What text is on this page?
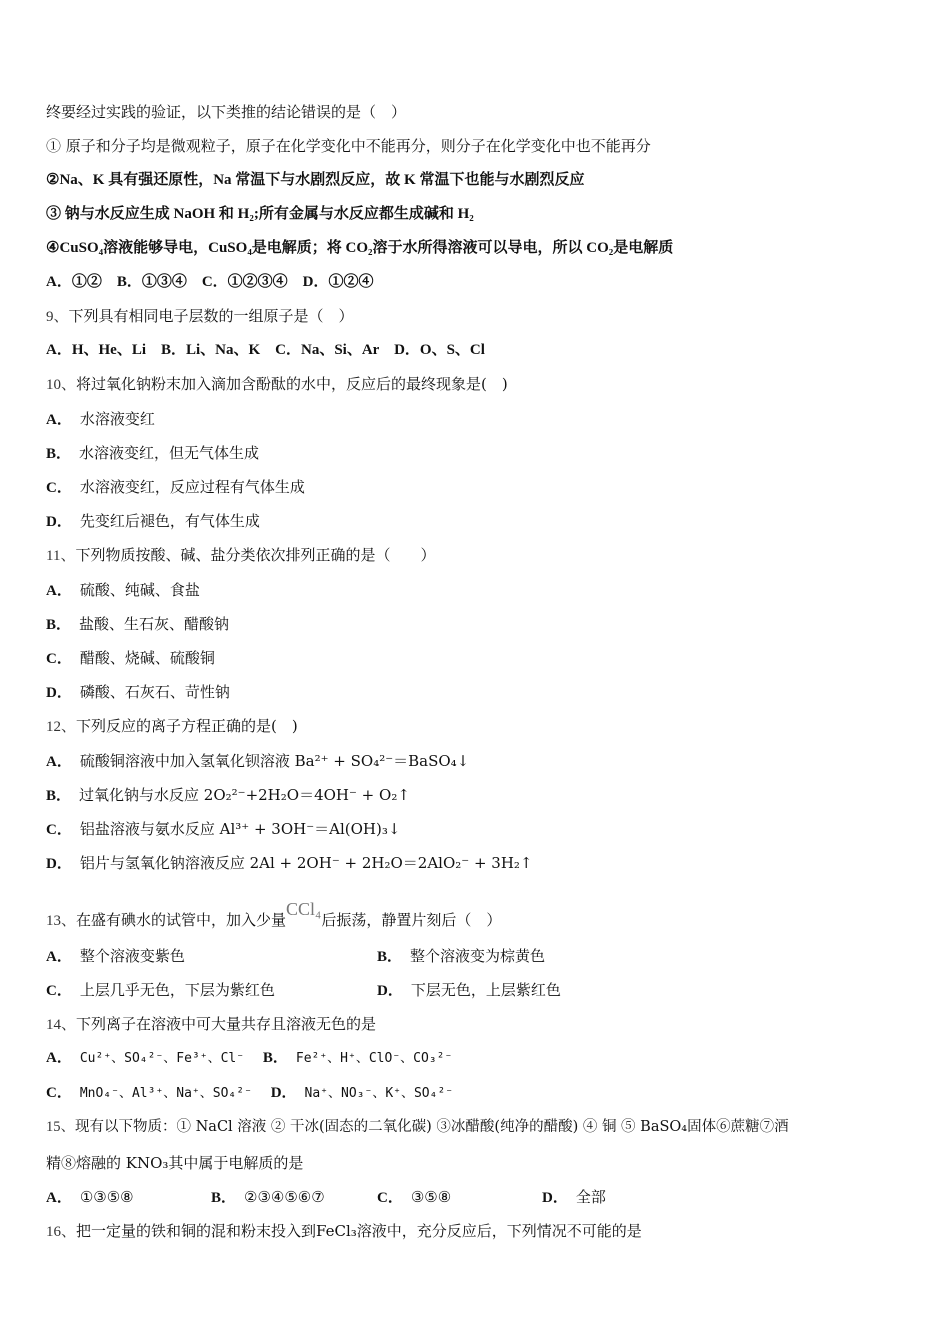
终要经过实践的验证，以下类推的结论错误的是（　）
① 原子和分子均是微观粒子，原子在化学变化中不能再分，则分子在化学变化中也不能再分
②Na、K 具有强还原性，Na 常温下与水剧烈反应，故 K 常温下也能与水剧烈反应
③ 钠与水反应生成 NaOH 和 H₂;所有金属与水反应都生成碱和 H₂
④CuSO₄溶液能够导电，CuSO₄是电解质；将 CO₂溶于水所得溶液可以导电，所以 CO₂是电解质
A．①②　B．①③④　C．①②③④　D．①②④
9、下列具有相同电子层数的一组原子是（　）
A．H、He、Li　B．Li、Na、K　C．Na、Si、Ar　D．O、S、Cl
10、将过氧化钠粉末加入滴加含酚酞的水中，反应后的最终现象是(　)
A． 水溶液变红
B． 水溶液变红，但无气体生成
C． 水溶液变红，反应过程有气体生成
D． 先变红后褪色，有气体生成
11、下列物质按酸、碱、盐分类依次排列正确的是（　　）
A． 硫酸、纯碱、食盐
B． 盐酸、生石灰、醋酸钠
C． 醋酸、烧碱、硫酸铜
D． 磷酸、石灰石、苛性钠
12、下列反应的离子方程正确的是(　)
A． 硫酸铜溶液中加入氢氧化钡溶液 Ba²⁺ + SO₄²⁻＝BaSO₄↓
B． 过氧化钠与水反应 2O₂²⁻+2H₂O＝4OH⁻ + O₂↑
C． 铝盐溶液与氨水反应 Al³⁺ + 3OH⁻＝Al(OH)₃↓
D． 铝片与氢氧化钠溶液反应 2Al + 2OH⁻ + 2H₂O＝2AlO₂⁻ + 3H₂↑
13、在盛有碘水的试管中，加入少量CCl₄后振荡，静置片刻后（　）
A． 整个溶液变紫色	B． 整个溶液变为棕黄色
C． 上层几乎无色，下层为紫红色	D． 下层无色，上层紫红色
14、下列离子在溶液中可大量共存且溶液无色的是
A． Cu²⁺、SO₄²⁻、Fe³⁺、Cl⁻ B． Fe²⁺、H⁺、ClO⁻、CO₃²⁻
C． MnO₄⁻、Al³⁺、Na⁺、SO₄²⁻ D． Na⁺、NO₃⁻、K⁺、SO₄²⁻
15、现有以下物质：① NaCl 溶液 ② 干冰(固态的二氧化碳) ③冰醋酸(纯净的醋酸) ④ 铜 ⑤ BaSO₄固体⑥蔗糖⑦酒
精⑧熔融的 KNO₃其中属于电解质的是
A． ①③⑤⑧	B． ②③④⑤⑥⑦	C． ③⑤⑧	D． 全部
16、把一定量的铁和铜的混和粉末投入到FeCl₃溶液中，充分反应后，下列情况不可能的是
